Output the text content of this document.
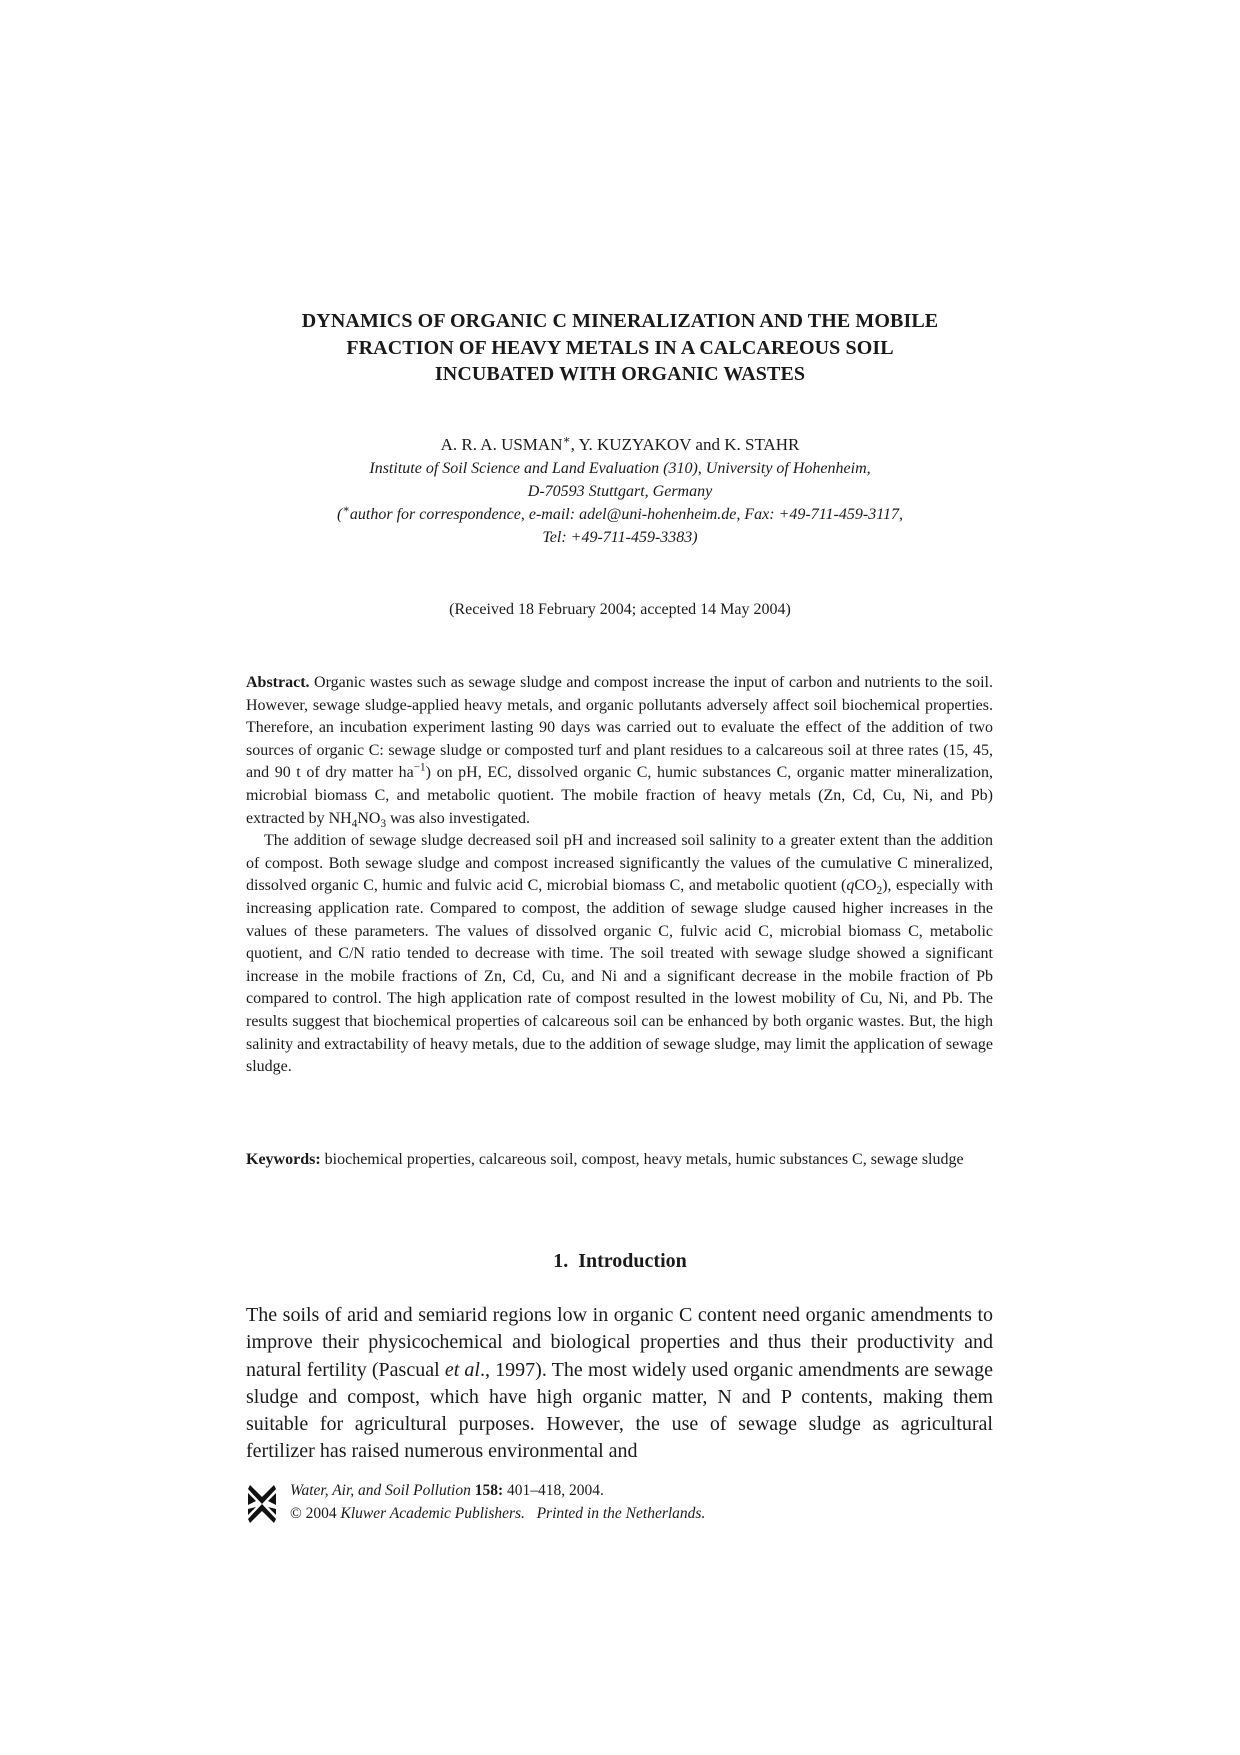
DYNAMICS OF ORGANIC C MINERALIZATION AND THE MOBILE
FRACTION OF HEAVY METALS IN A CALCAREOUS SOIL
INCUBATED WITH ORGANIC WASTES
A. R. A. USMAN∗, Y. KUZYAKOV and K. STAHR
Institute of Soil Science and Land Evaluation (310), University of Hohenheim,
D-70593 Stuttgart, Germany
(∗author for correspondence, e-mail: adel@uni-hohenheim.de, Fax: +49-711-459-3117,
Tel: +49-711-459-3383)
(Received 18 February 2004; accepted 14 May 2004)

Abstract. Organic wastes such as sewage sludge and compost increase the input of carbon and nutrients to the soil. However, sewage sludge-applied heavy metals, and organic pollutants adversely affect soil biochemical properties. Therefore, an incubation experiment lasting 90 days was carried out to evaluate the effect of the addition of two sources of organic C: sewage sludge or composted turf and plant residues to a calcareous soil at three rates (15, 45, and 90 t of dry matter $ha^{-1}$) on pH, EC, dissolved organic C, humic substances C, organic matter mineralization, microbial biomass C, and metabolic quotient. The mobile fraction of heavy metals (Zn, Cd, Cu, Ni, and Pb) extracted by $NH_4NO_3$ was also investigated.

The addition of sewage sludge decreased soil pH and increased soil salinity to a greater extent than the addition of compost. Both sewage sludge and compost increased significantly the values of the cumulative C mineralized, dissolved organic C, humic and fulvic acid C, microbial biomass C, and metabolic quotient (qCO$_2$), especially with increasing application rate. Compared to compost, the addition of sewage sludge caused higher increases in the values of these parameters. The values of dissolved organic C, fulvic acid C, microbial biomass C, metabolic quotient, and C/N ratio tended to decrease with time. The soil treated with sewage sludge showed a significant increase in the mobile fractions of Zn, Cd, Cu, and Ni and a significant decrease in the mobile fraction of Pb compared to control. The high application rate of compost resulted in the lowest mobility of Cu, Ni, and Pb. The results suggest that biochemical properties of calcareous soil can be enhanced by both organic wastes. But, the high salinity and extractability of heavy metals, due to the addition of sewage sludge, may limit the application of sewage sludge.

Keywords: biochemical properties, calcareous soil, compost, heavy metals, humic substances C, sewage sludge
1. Introduction

The soils of arid and semiarid regions low in organic C content need organic amendments to improve their physicochemical and biological properties and thus their productivity and natural fertility (Pascual et al., 1997). The most widely used organic amendments are sewage sludge and compost, which have high organic matter, N and P contents, making them suitable for agricultural purposes. However, the use of sewage sludge as agricultural fertilizer has raised numerous environmental and

Water, Air, and Soil Pollution 158: 401–418, 2004.
© 2004 Kluwer Academic Publishers. Printed in the Netherlands.
